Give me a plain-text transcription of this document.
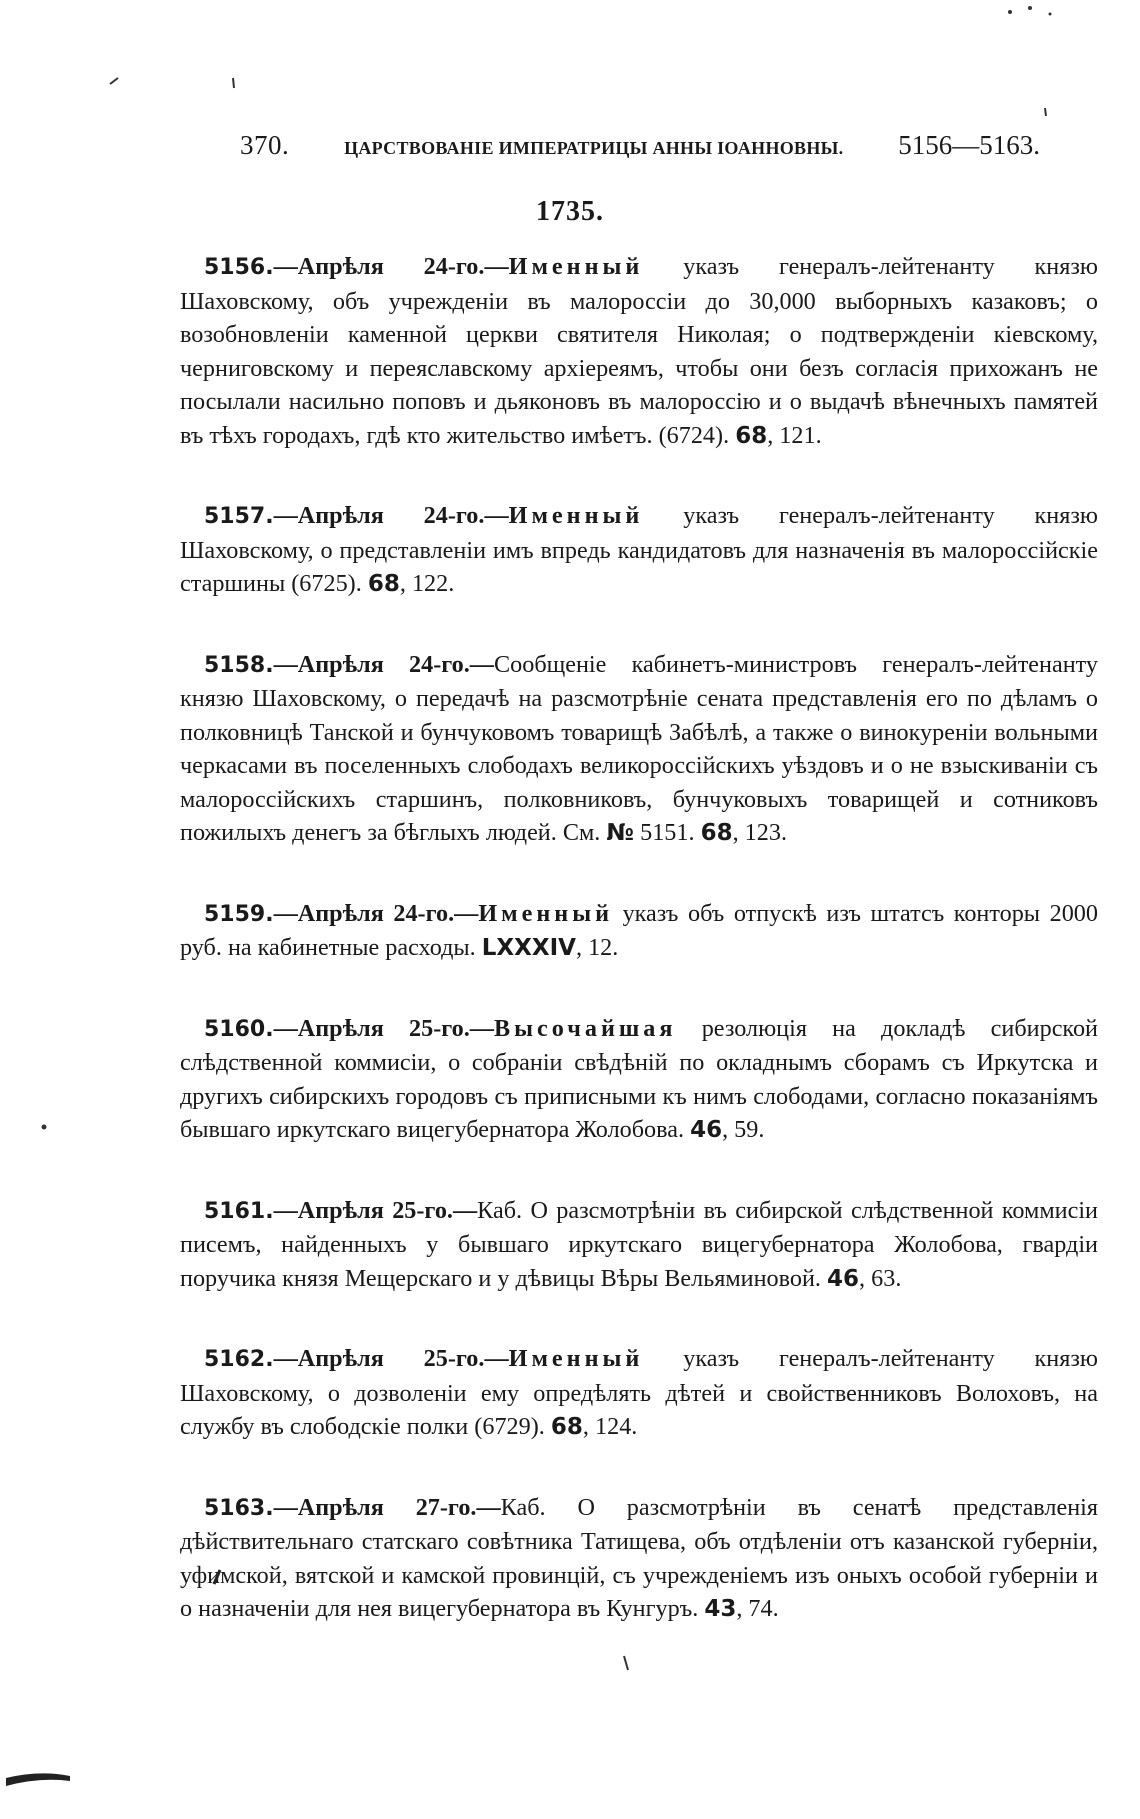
370.	ЦАРСТВОВАНІЕ ИМПЕРАТРИЦЫ АННЫ ІОАННОВНЫ. 5156—5163.
1735.

5156.—Апрѣля 24-го.—Именный указъ генералъ-лейтенанту князю Шаховскому, объ учрежденіи въ малороссіи до 30,000 выборныхъ казаковъ; о возобновленіи каменной церкви святителя Николая; о подтвержденіи кіевскому, черниговскому и переяславскому архіереямъ, чтобы они безъ согласія прихожанъ не посылали насильно поповъ и дьяконовъ въ малороссію и о выдачѣ вѣнечныхъ памятей въ тѣхъ городахъ, гдѣ кто жительство имѣетъ. (6724). 68, 121.

5157.—Апрѣля 24-го.—Именный указъ генералъ-лейтенанту князю Шаховскому, о представленіи имъ впредь кандидатовъ для назначенія въ малороссійскіе старшины (6725). 68, 122.

5158.—Апрѣля 24-го.—Сообщеніе кабинетъ-министровъ генералъ-лейтенанту князю Шаховскому, о передачѣ на разсмотрѣніе сената представленія его по дѣламъ о полковницѣ Танской и бунчуковомъ товарищѣ Забѣлѣ, а также о винокуреніи вольными черкасами въ поселенныхъ слободахъ великороссійскихъ уѣздовъ и о не взыскиваніи съ малороссійскихъ старшинъ, полковниковъ, бунчуковыхъ товарищей и сотниковъ пожилыхъ денегъ за бѣглыхъ людей. См. № 5151. 68, 123.

5159.—Апрѣля 24-го.—Именный указъ объ отпускѣ изъ штатсъ конторы 2000 руб. на кабинетные расходы. LXXXIV, 12.

5160.—Апрѣля 25-го.—Высочайшая резолюція на докладѣ сибирской слѣдственной коммисіи, о собраніи свѣдѣній по окладнымъ сборамъ съ Иркутска и другихъ сибирскихъ городовъ съ приписными къ нимъ слободами, согласно показаніямъ бывшаго иркутскаго вицегубернатора Жолобова. 46, 59.

5161.—Апрѣля 25-го.—Каб. О разсмотрѣніи въ сибирской слѣдственной коммисіи писемъ, найденныхъ у бывшаго иркутскаго вицегубернатора Жолобова, гвардіи поручика князя Мещерскаго и у дѣвицы Вѣры Вельяминовой. 46, 63.

5162.—Апрѣля 25-го.—Именный указъ генералъ-лейтенанту князю Шаховскому, о дозволеніи ему опредѣлять дѣтей и свойственниковъ Волоховъ, на службу въ слободскіе полки (6729). 68, 124.

5163.—Апрѣля 27-го.—Каб. О разсмотрѣніи въ сенатѣ представленія дѣйствительнаго статскаго совѣтника Татищева, объ отдѣленіи отъ казанской губерніи, уфимской, вятской и камской провинцій, съ учрежденіемъ изъ оныхъ особой губерніи и о назначеніи для нея вицегубернатора въ Кунгуръ. 43, 74.
